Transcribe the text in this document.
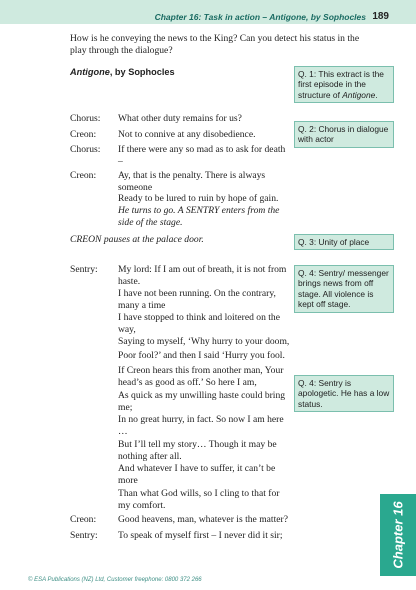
Chapter 16: Task in action – Antigone, by Sophocles 189
How is he conveying the news to the King? Can you detect his status in the play through the dialogue?
Antigone, by Sophocles
Chorus: What other duty remains for us?
Creon: Not to connive at any disobedience.
Chorus: If there were any so mad as to ask for death –
Creon: Ay, that is the penalty. There is always someone
Ready to be lured to ruin by hope of gain.
He turns to go. A SENTRY enters from the side of the stage.
CREON pauses at the palace door.
Sentry: My lord: If I am out of breath, it is not from haste.
I have not been running. On the contrary, many a time
I have stopped to think and loitered on the way,
Saying to myself, ‘Why hurry to your doom,
Poor fool?’ and then I said ‘Hurry you fool.
If Creon hears this from another man, Your head’s as good as off.’ So here I am,
As quick as my unwilling haste could bring me;
In no great hurry, in fact. So now I am here …
But I’ll tell my story… Though it may be nothing after all.
And whatever I have to suffer, it can’t be more
Than what God wills, so I cling to that for my comfort.
Creon: Good heavens, man, whatever is the matter?
Sentry: To speak of myself first – I never did it sir;
Q. 1: This extract is the first episode in the structure of Antigone.
Q. 2: Chorus in dialogue with actor
Q. 3: Unity of place
Q. 4: Sentry/ messenger brings news from off stage. All violence is kept off stage.
Q. 4: Sentry is apologetic. He has a low status.
Chapter 16
© ESA Publications (NZ) Ltd, Customer freephone: 0800 372 266
